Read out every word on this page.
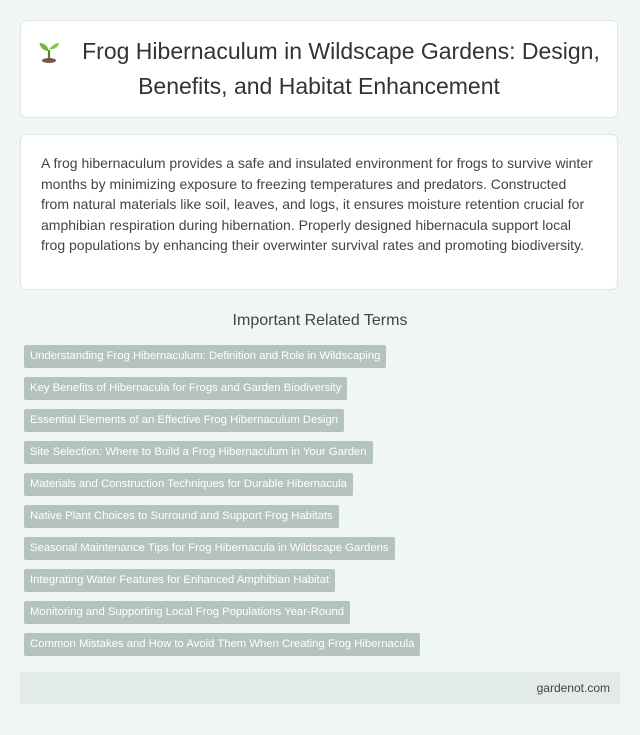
Frog Hibernaculum in Wildscape Gardens: Design, Benefits, and Habitat Enhancement

A frog hibernaculum provides a safe and insulated environment for frogs to survive winter months by minimizing exposure to freezing temperatures and predators. Constructed from natural materials like soil, leaves, and logs, it ensures moisture retention crucial for amphibian respiration during hibernation. Properly designed hibernacula support local frog populations by enhancing their overwinter survival rates and promoting biodiversity.

Important Related Terms
Understanding Frog Hibernaculum: Definition and Role in Wildscaping
Key Benefits of Hibernacula for Frogs and Garden Biodiversity
Essential Elements of an Effective Frog Hibernaculum Design
Site Selection: Where to Build a Frog Hibernaculum in Your Garden
Materials and Construction Techniques for Durable Hibernacula
Native Plant Choices to Surround and Support Frog Habitats
Seasonal Maintenance Tips for Frog Hibernacula in Wildscape Gardens
Integrating Water Features for Enhanced Amphibian Habitat
Monitoring and Supporting Local Frog Populations Year-Round
Common Mistakes and How to Avoid Them When Creating Frog Hibernacula
gardenot.com
